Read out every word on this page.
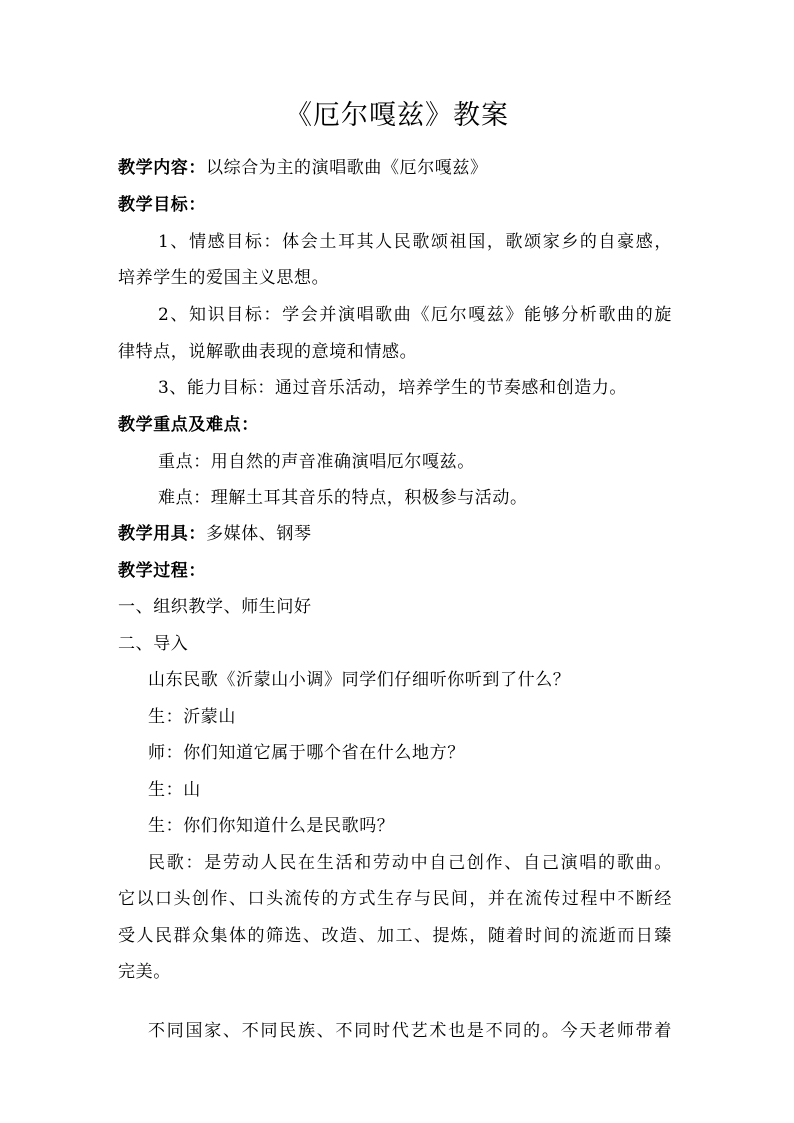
《厄尔嘎兹》教案
教学内容：以综合为主的演唱歌曲《厄尔嘎兹》
教学目标：
1、情感目标：体会土耳其人民歌颂祖国，歌颂家乡的自豪感，
培养学生的爱国主义思想。
2、知识目标：学会并演唱歌曲《厄尔嘎兹》能够分析歌曲的旋
律特点，说解歌曲表现的意境和情感。
3、能力目标：通过音乐活动，培养学生的节奏感和创造力。
教学重点及难点：
重点：用自然的声音准确演唱厄尔嘎兹。
难点：理解土耳其音乐的特点，积极参与活动。
教学用具：多媒体、钢琴
教学过程：
一、组织教学、师生问好
二、导入
山东民歌《沂蒙山小调》同学们仔细听你听到了什么？
生：沂蒙山
师：你们知道它属于哪个省在什么地方？
生：山
生：你们你知道什么是民歌吗？
民歌：是劳动人民在生活和劳动中自己创作、自己演唱的歌曲。
它以口头创作、口头流传的方式生存与民间，并在流传过程中不断经
受人民群众集体的筛选、改造、加工、提炼，随着时间的流逝而日臻
完美。
不同国家、不同民族、不同时代艺术也是不同的。今天老师带着
